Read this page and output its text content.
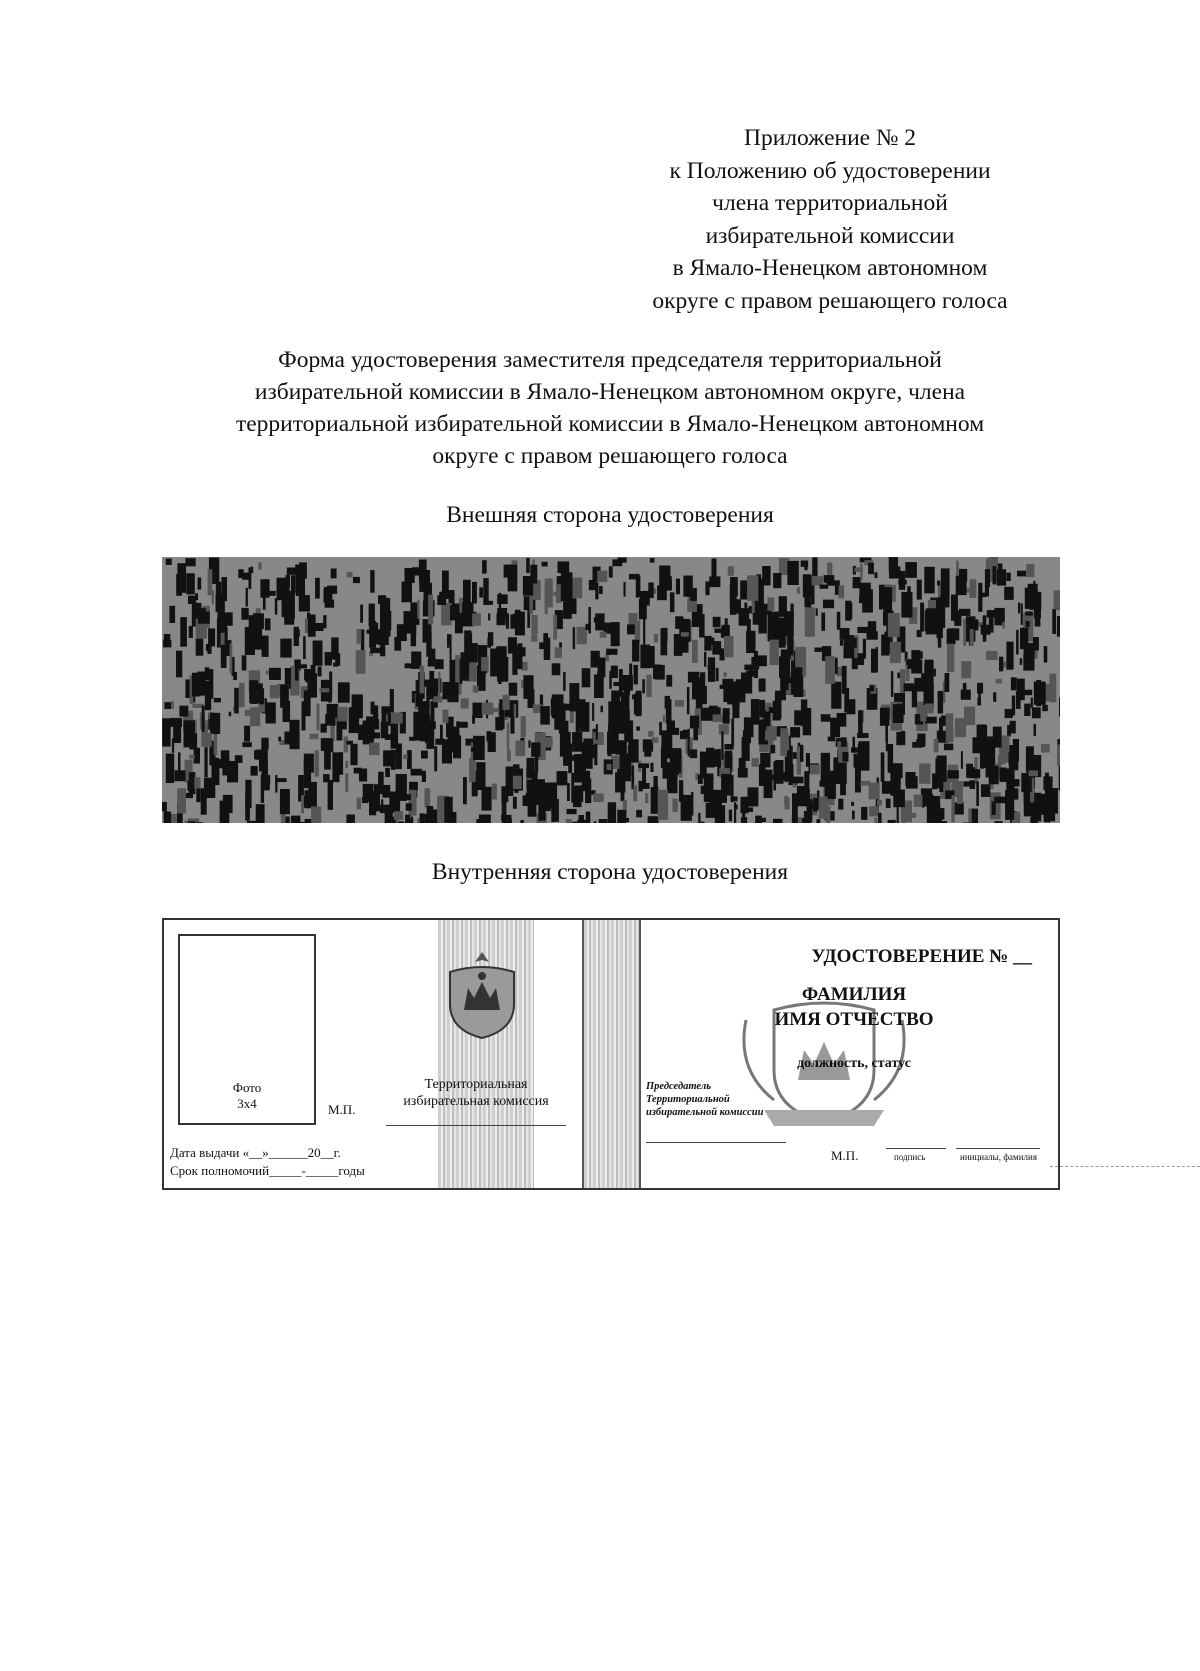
Приложение № 2
к Положению об удостоверении
члена территориальной
избирательной комиссии
в Ямало-Ненецком автономном
округе с правом решающего голоса
Форма удостоверения заместителя председателя территориальной
избирательной комиссии в Ямало-Ненецком автономном округе, члена
территориальной избирательной комиссии в Ямало-Ненецком автономном
округе с правом решающего голоса
Внешняя сторона удостоверения
Внутренняя сторона удостоверения
Фото
3x4	М.П.
Территориальная
избирательная комиссия
Дата выдачи «__»______20__г.
Срок полномочий_____-_____годы
УДОСТОВЕРЕНИЕ № __
ФАМИЛИЯ
ИМЯ ОТЧЕСТВО
должность, статус
Председатель
Территориальной
избирательной комиссии
М.П.	подпись	инициалы, фамилия
